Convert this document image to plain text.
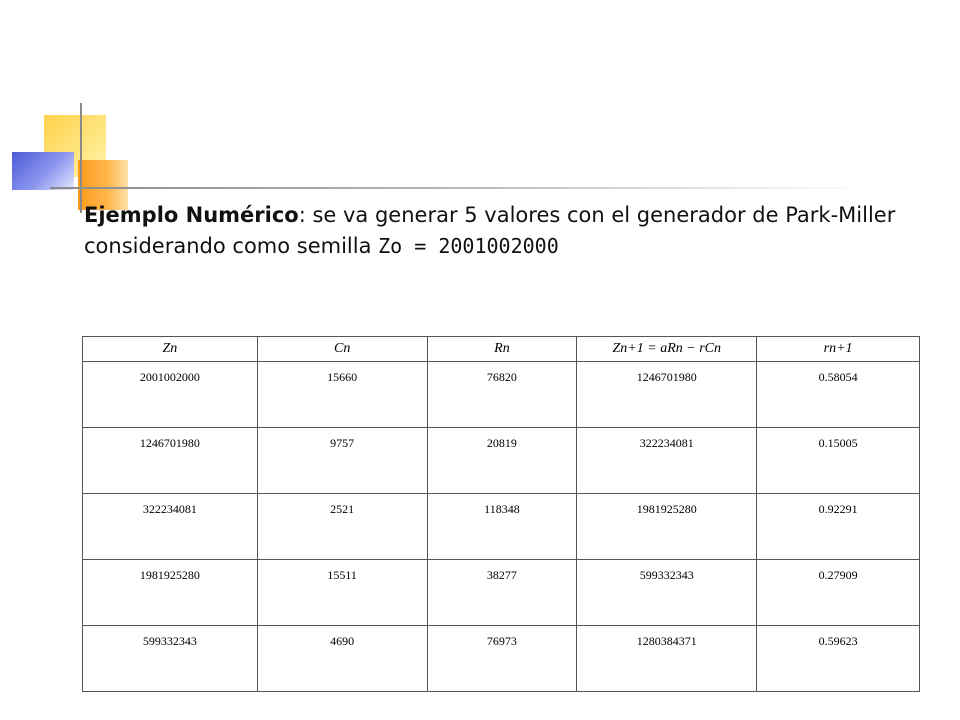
Ejemplo Numérico: se va generar 5 valores con el generador de Park-Miller considerando como semilla Zo = 2001002000
Zn	Cn	Rn	Zn+1 = aRn − rCn	rn+1
2001002000	15660	76820	1246701980	0.58054
1246701980	9757	20819	322234081	0.15005
322234081	2521	118348	1981925280	0.92291
1981925280	15511	38277	599332343	0.27909
599332343	4690	76973	1280384371	0.59623
